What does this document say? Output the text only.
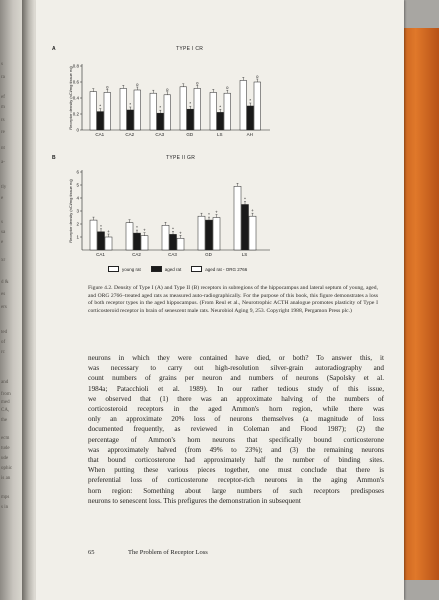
s
ra
ef
m
rs
re
nt
a-
tly
e
s
sa
e
xr
d &
es
ers
ted
of
rc
and
from
med
CA,
the
ecm
tude
ude
ophic
is an
mps
s in
A	TYPE I CR
0
0.2
0.4
0.6
0.8
Receptor density (nCi/mg tissue eq)	*
o
CA1
*
o
CA2
*
o
CA3
*
o
GD
*
o
LS
*
o
AH
B	TYPE II GR
1
2
3
4
5
6
Receptor density (nCi/mg tissue eq)	*
+
CA1
*
+
CA2
*
+
CA3
*
+
GD
*
+
LS
young rat	aged rat	aged rat - ORG 2766

Figure 4.2. Density of Type I (A) and Type II (B) receptors in subregions of the hippocampus and lateral septum of young, aged, and ORG 2766–treated aged rats as measured auto-radiographically. For the purpose of this book, this figure demonstrates a loss of both receptor types in the aged hippocampus. (From Reul et al., Neurotrophic ACTH analogue promotes plasticity of Type I corticosteroid receptor in brain of senescent male rats. Neurobiol Aging 9, 253. Copyright 1988, Pergamon Press plc.)

neurons in which they were contained have died, or both? To answer this, it
was necessary to carry out high-resolution silver-grain autoradiography and
count numbers of grains per neuron and numbers of neurons (Sapolsky et al.
1984a; Patacchioli et al. 1989). In our rather tedious study of this issue,
we observed that (1) there was an approximate halving of the numbers of
corticosteroid receptors in the aged Ammon's horn region, while there was
only an approximate 20% loss of neurons themselves (a magnitude of loss
documented frequently, as reviewed in Coleman and Flood 1987); (2) the
percentage of Ammon's horn neurons that specifically bound corticosterone
was approximately halved (from 49% to 23%); and (3) the remaining neurons
that bound corticosterone had approximately half the number of binding sites.
When putting these various pieces together, one must conclude that there is
preferential loss of corticosterone receptor-rich neurons in the aging Ammon's
horn region: Something about large numbers of such receptors predisposes
neurons to senescent loss. This prefigures the demonstration in subsequent
65	The Problem of Receptor Loss
